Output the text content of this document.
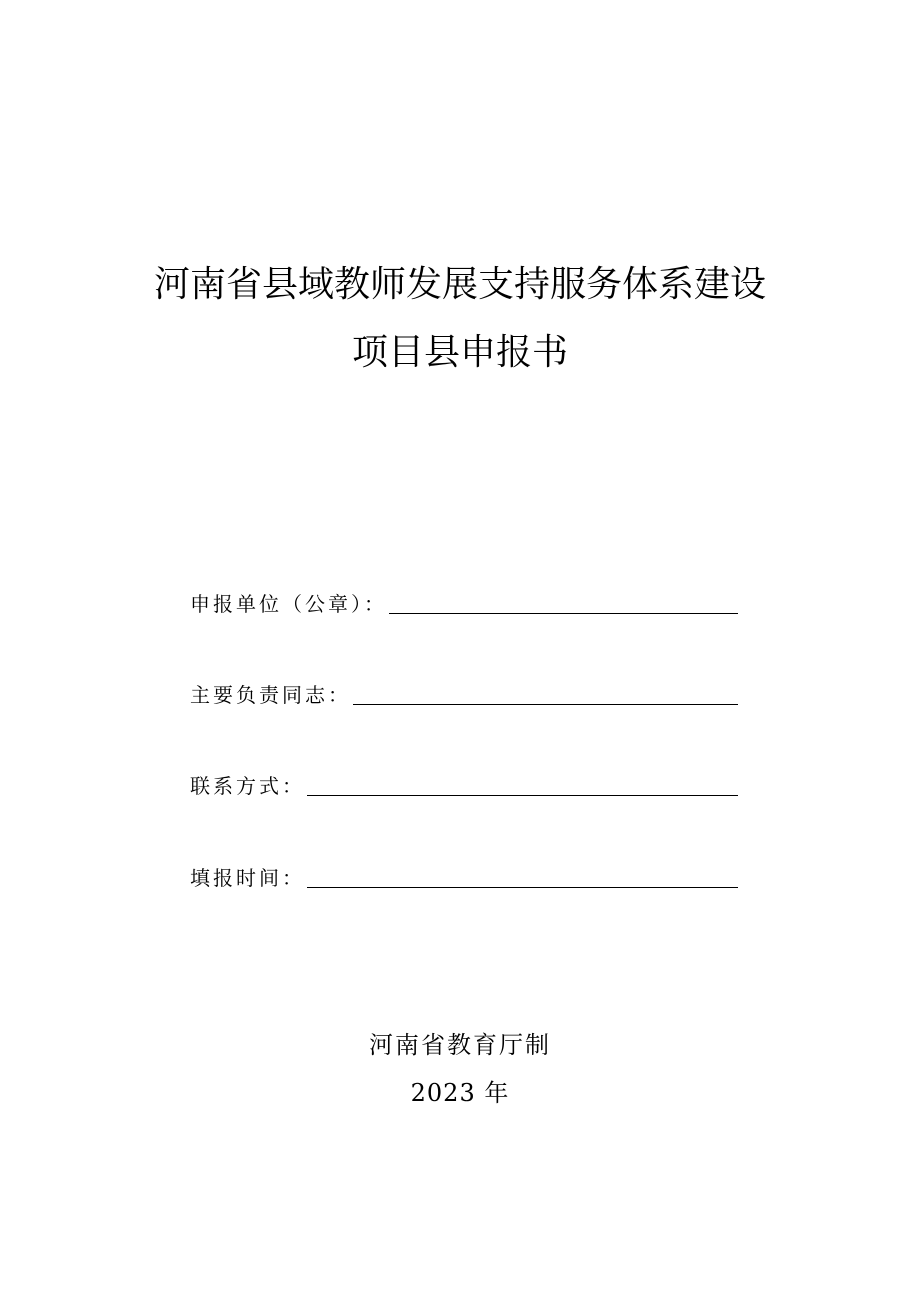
河南省县域教师发展支持服务体系建设
项目县申报书
申报单位（公章）：
主要负责同志：
联系方式：
填报时间：
河南省教育厅制
2023 年
